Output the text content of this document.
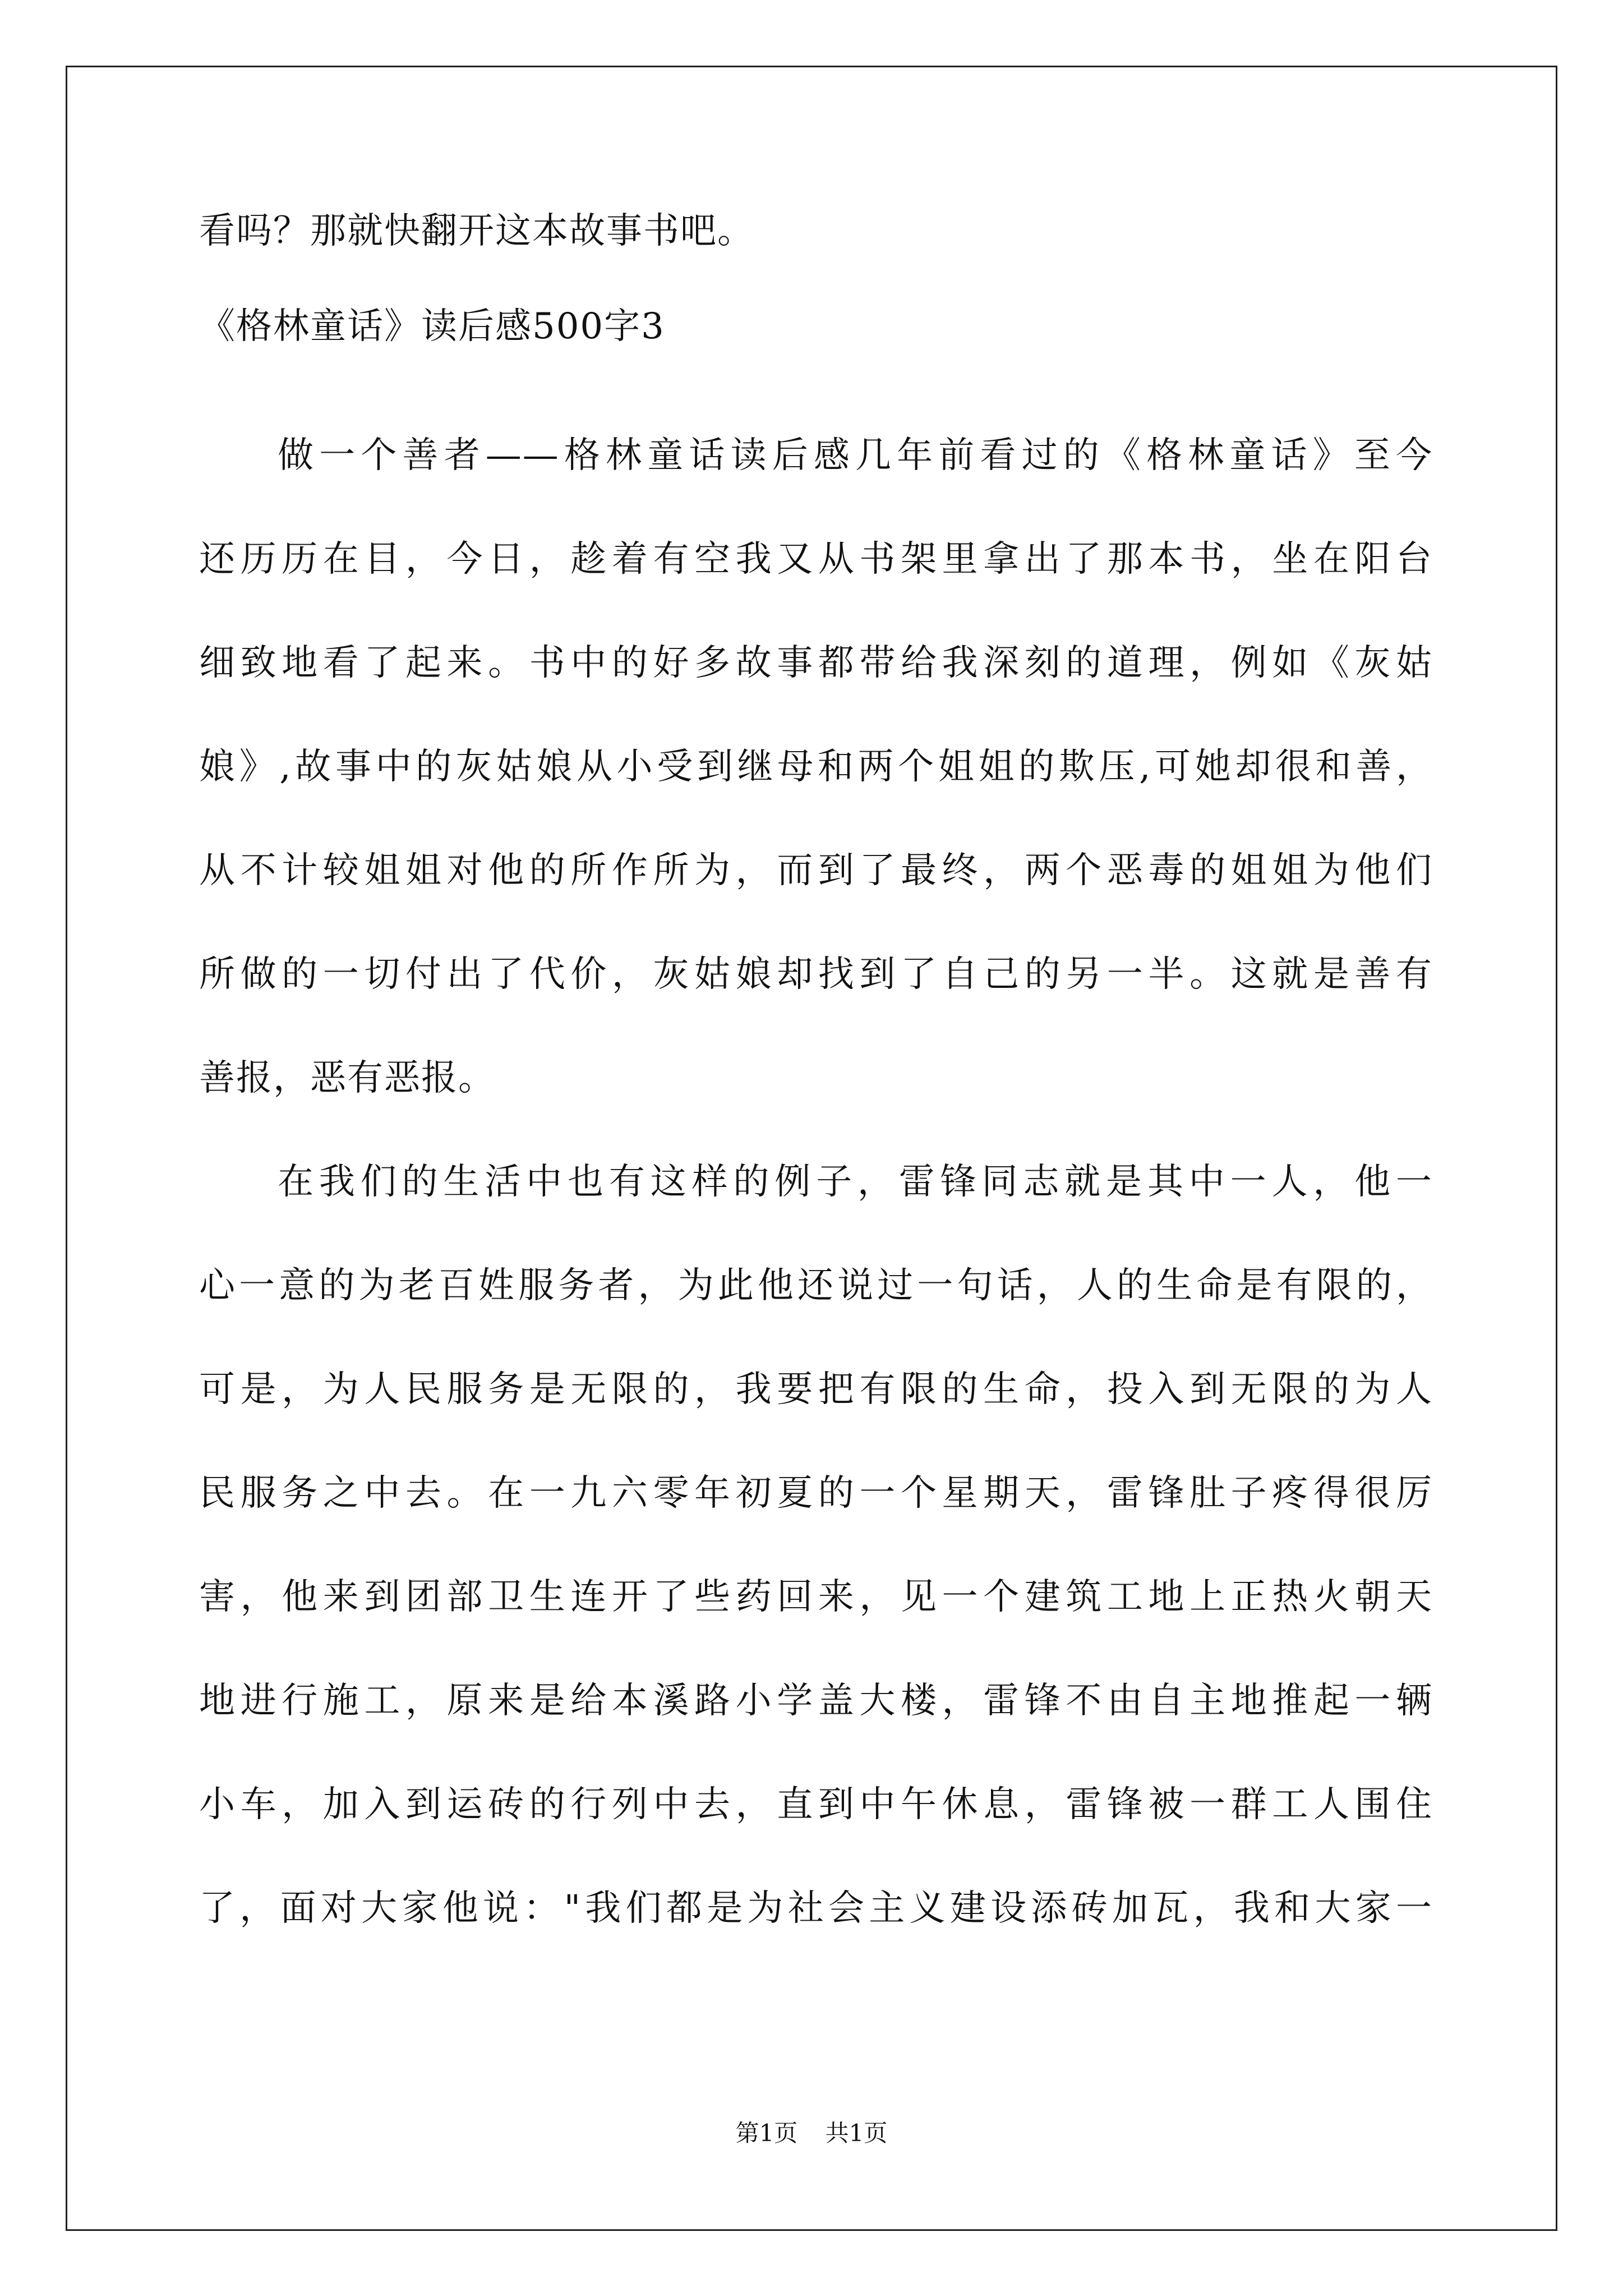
看吗？那就快翻开这本故事书吧。
《格林童话》读后感500字3
做一个善者——格林童话读后感几年前看过的《格林童话》至今
还历历在目，今日，趁着有空我又从书架里拿出了那本书，坐在阳台
细致地看了起来。书中的好多故事都带给我深刻的道理，例如《灰姑
娘》,故事中的灰姑娘从小受到继母和两个姐姐的欺压,可她却很和善，
从不计较姐姐对他的所作所为，而到了最终，两个恶毒的姐姐为他们
所做的一切付出了代价，灰姑娘却找到了自己的另一半。这就是善有
善报，恶有恶报。
在我们的生活中也有这样的例子，雷锋同志就是其中一人，他一
心一意的为老百姓服务者，为此他还说过一句话，人的生命是有限的，
可是，为人民服务是无限的，我要把有限的生命，投入到无限的为人
民服务之中去。在一九六零年初夏的一个星期天，雷锋肚子疼得很厉
害，他来到团部卫生连开了些药回来，见一个建筑工地上正热火朝天
地进行施工，原来是给本溪路小学盖大楼，雷锋不由自主地推起一辆
小车，加入到运砖的行列中去，直到中午休息，雷锋被一群工人围住
了，面对大家他说："我们都是为社会主义建设添砖加瓦，我和大家一
第1页 共1页
